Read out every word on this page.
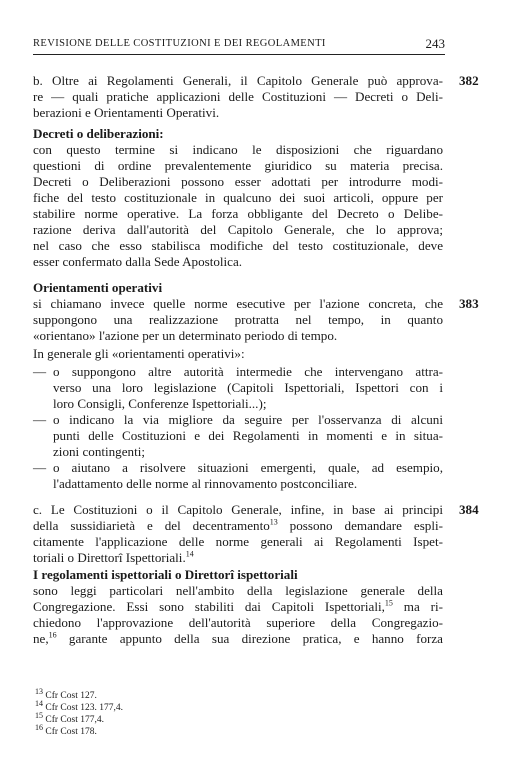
REVISIONE DELLE COSTITUZIONI E DEI REGOLAMENTI	243
b. Oltre ai Regolamenti Generali, il Capitolo Generale può approva- 382
re — quali pratiche applicazioni delle Costituzioni — Decreti o Deli-
berazioni e Orientamenti Operativi.
Decreti o deliberazioni:
con questo termine si indicano le disposizioni che riguardano
questioni di ordine prevalentemente giuridico su materia precisa.
Decreti o Deliberazioni possono esser adottati per introdurre modi-
fiche del testo costituzionale in qualcuno dei suoi articoli, oppure per
stabilire norme operative. La forza obbligante del Decreto o Delibe-
razione deriva dall'autorità del Capitolo Generale, che lo approva;
nel caso che esso stabilisca modifiche del testo costituzionale, deve
esser confermato dalla Sede Apostolica.
Orientamenti operativi
si chiamano invece quelle norme esecutive per l'azione concreta, che 383
suppongono una realizzazione protratta nel tempo, in quanto
«orientano» l'azione per un determinato periodo di tempo.
In generale gli «orientamenti operativi»:
— o suppongono altre autorità intermedie che intervengano attra-
verso una loro legislazione (Capitoli Ispettoriali, Ispettori con i
loro Consigli, Conferenze Ispettoriali...);
— o indicano la via migliore da seguire per l'osservanza di alcuni
punti delle Costituzioni e dei Regolamenti in momenti e in situa-
zioni contingenti;
— o aiutano a risolvere situazioni emergenti, quale, ad esempio,
l'adattamento delle norme al rinnovamento postconciliare.
c. Le Costituzioni o il Capitolo Generale, infine, in base ai principi 384
della sussidiarietà e del decentramento$^{13}$ possono demandare espli-
citamente l'applicazione delle norme generali ai Regolamenti Ispet-
toriali o Direttorî Ispettoriali.$^{14}$
I regolamenti ispettoriali o Direttorî ispettoriali
sono leggi particolari nell'ambito della legislazione generale della
Congregazione. Essi sono stabiliti dai Capitoli Ispettoriali,$^{15}$ ma ri-
chiedono l'approvazione dell'autorità superiore della Congregazio-
ne,$^{16}$ garante appunto della sua direzione pratica, e hanno forza
$^{13}$ Cfr Cost 127.
$^{14}$ Cfr Cost 123. 177,4.
$^{15}$ Cfr Cost 177,4.
$^{16}$ Cfr Cost 178.
